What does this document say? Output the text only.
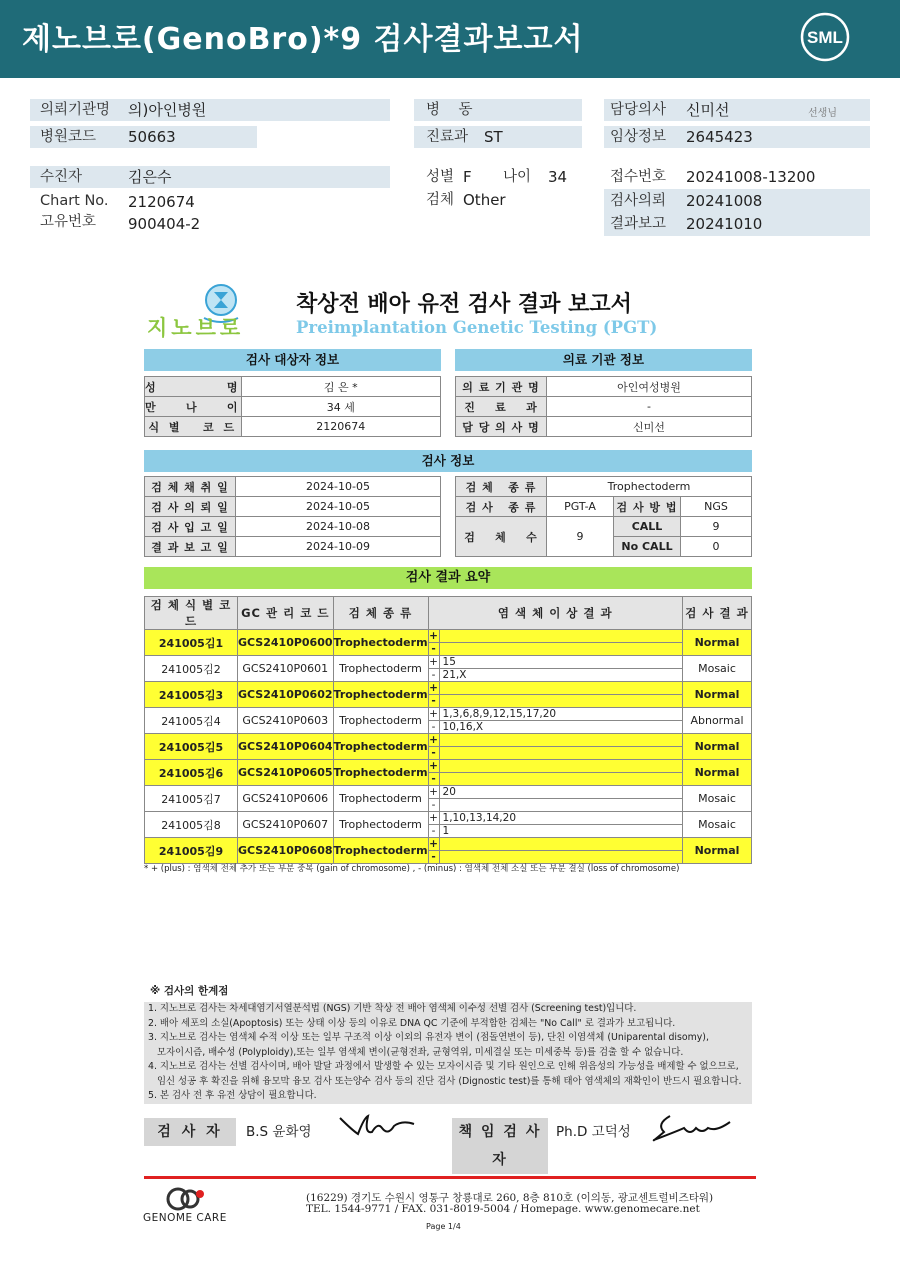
제노브로(GenoBro)*9 검사결과보고서	SML
의뢰기관명 의)아인병원
병원코드 50663
병    동
진료과 ST
담당의사 신미선	선생님
임상정보 2645423
수진자	김은수
Chart No. 2120674
고유번호 900404-2
성별 F 나이 34
검체 Other
접수번호 20241008-13200
검사의뢰 20241008
결과보고 20241010
지노브로
착상전 배아 유전 검사 결과 보고서
Preimplantation Genetic Testing (PGT)
검사 대상자 정보	의료 기관 정보
성          명	김 은 *
만    나    이	34 세
식 별   코 드	2120674
의 료 기 관 명	아인여성병원
진    료    과	-
담 당 의 사 명	신미선
검사 정보
검 체 채 취 일	2024-10-05
검 사 의 뢰 일	2024-10-05
검 사 입 고 일	2024-10-08
결 과 보 고 일	2024-10-09
검 체   종 류	Trophectoderm		
검 사   종 류	PGT-A	검 사 방 법	NGS
검    체    수	9	CALL	9
		No CALL	0
검사 결과 요약
검 체 식 별 코 드	GC 관 리 코 드	검 체 종 류	염 색 체 이 상 결 과	검 사 결 과
241005김1	GCS2410P0600	Trophectoderm	+
-	Normal
241005김2	GCS2410P0601	Trophectoderm	+ 15
- 21,X	Mosaic
241005김3	GCS2410P0602	Trophectoderm	+
-	Normal
241005김4	GCS2410P0603	Trophectoderm	+ 1,3,6,8,9,12,15,17,20
- 10,16,X	Abnormal
241005김5	GCS2410P0604	Trophectoderm	+
-	Normal
241005김6	GCS2410P0605	Trophectoderm	+
-	Normal
241005김7	GCS2410P0606	Trophectoderm	+ 20
-	Mosaic
241005김8	GCS2410P0607	Trophectoderm	+ 1,10,13,14,20
- 1	Mosaic
241005김9	GCS2410P0608	Trophectoderm	+
-	Normal
* + (plus) : 염색체 전체 추가 또는 부분 중복 (gain of chromosome) , - (minus) : 염색체 전체 소실 또는 부분 결실 (loss of chromosome)
※ 검사의 한계점
1. 지노브로 검사는 차세대염기서열분석법 (NGS) 기반 착상 전 배아 염색체 이수성 선별 검사 (Screening test)입니다.
2. 배아 세포의 소실(Apoptosis) 또는 상태 이상 등의 이유로 DNA QC 기준에 부적합한 검체는 "No Call" 로 결과가 보고됩니다.
3. 지노브로 검사는 염색체 수적 이상 또는 일부 구조적 이상 이외의 유전자 변이 (점돌연변이 등), 단친 이염색체 (Uniparental disomy),
모자이시즘, 배수성 (Polyploidy),또는 일부 염색체 변이(균형전좌, 균형역위, 미세결실 또는 미세중복 등)를 검출 할 수 없습니다.
4. 지노브로 검사는 선별 검사이며, 배아 발달 과정에서 발생할 수 있는 모자이시즘 및 기타 원인으로 인해 위음성의 가능성을 배제할 수 없으므로,
임신 성공 후 확진을 위해 융모막 융모 검사 또는양수 검사 등의 진단 검사 (Dignostic test)를 통해 태아 염색체의 재확인이 반드시 필요합니다.
5. 본 검사 전 후 유전 상담이 필요합니다.
검 사 자	B.S 윤화영	책 임 검 사 자
Ph.D 고덕성
GENOME CARE
(16229) 경기도 수원시 영통구 창룡대로 260, 8층 810호 (이의동, 광교센트럴비즈타워)
TEL. 1544-9771 / FAX. 031-8019-5004 / Homepage. www.genomecare.net
Page 1/4
